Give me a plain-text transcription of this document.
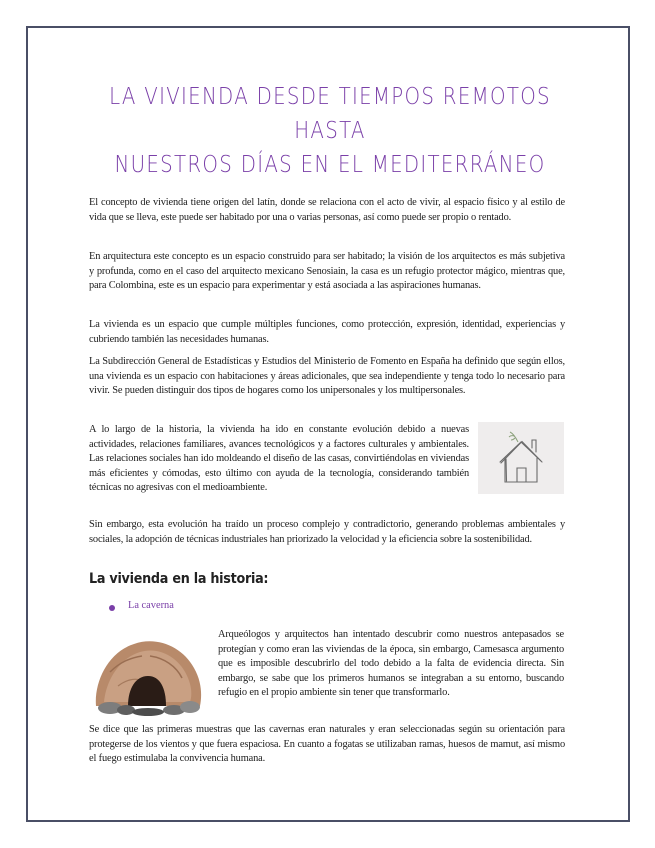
LA VIVIENDA DESDE TIEMPOS REMOTOS HASTA
NUESTROS DÍAS EN EL MEDITERRÁNEO

El concepto de vivienda tiene origen del latín, donde se relaciona con el acto de vivir, al espacio físico y al estilo de vida que se lleva, este puede ser habitado por una o varias personas, así como puede ser propio o rentado.

En arquitectura este concepto es un espacio construido para ser habitado; la visión de los arquitectos es más subjetiva y profunda, como en el caso del arquitecto mexicano Senosiain, la casa es un refugio protector mágico, mientras que, para Colombina, este es un espacio para experimentar y está asociada a las aspiraciones humanas.

La vivienda es un espacio que cumple múltiples funciones, como protección, expresión, identidad, experiencias y cubriendo también las necesidades humanas.

La Subdirección General de Estadísticas y Estudios del Ministerio de Fomento en España ha definido que según ellos, una vivienda es un espacio con habitaciones y áreas adicionales, que sea independiente y tenga todo lo necesario para vivir. Se pueden distinguir dos tipos de hogares como los unipersonales y los multipersonales.

A lo largo de la historia, la vivienda ha ido en constante evolución debido a nuevas actividades, relaciones familiares, avances tecnológicos y a factores culturales y ambientales. Las relaciones sociales han ido moldeando el diseño de las casas, convirtiéndolas en viviendas más eficientes y cómodas, esto último con ayuda de la tecnología, considerando también técnicas no agresivas con el medioambiente.

Sin embargo, esta evolución ha traído un proceso complejo y contradictorio, generando problemas ambientales y sociales, la adopción de técnicas industriales han priorizado la velocidad y la eficiencia sobre la sostenibilidad.

La vivienda en la historia:
La caverna

Arqueólogos y arquitectos han intentado descubrir como nuestros antepasados se protegían y como eran las viviendas de la época, sin embargo, Camesasca argumento que es imposible descubrirlo del todo debido a la falta de evidencia directa. Sin embargo, se sabe que los primeros humanos se integraban a su entorno, buscando refugio en el propio ambiente sin tener que transformarlo.

Se dice que las primeras muestras que las cavernas eran naturales y eran seleccionadas según su orientación para protegerse de los vientos y que fuera espaciosa. En cuanto a fogatas se utilizaban ramas, huesos de mamut, así mismo el fuego estimulaba la convivencia humana.
